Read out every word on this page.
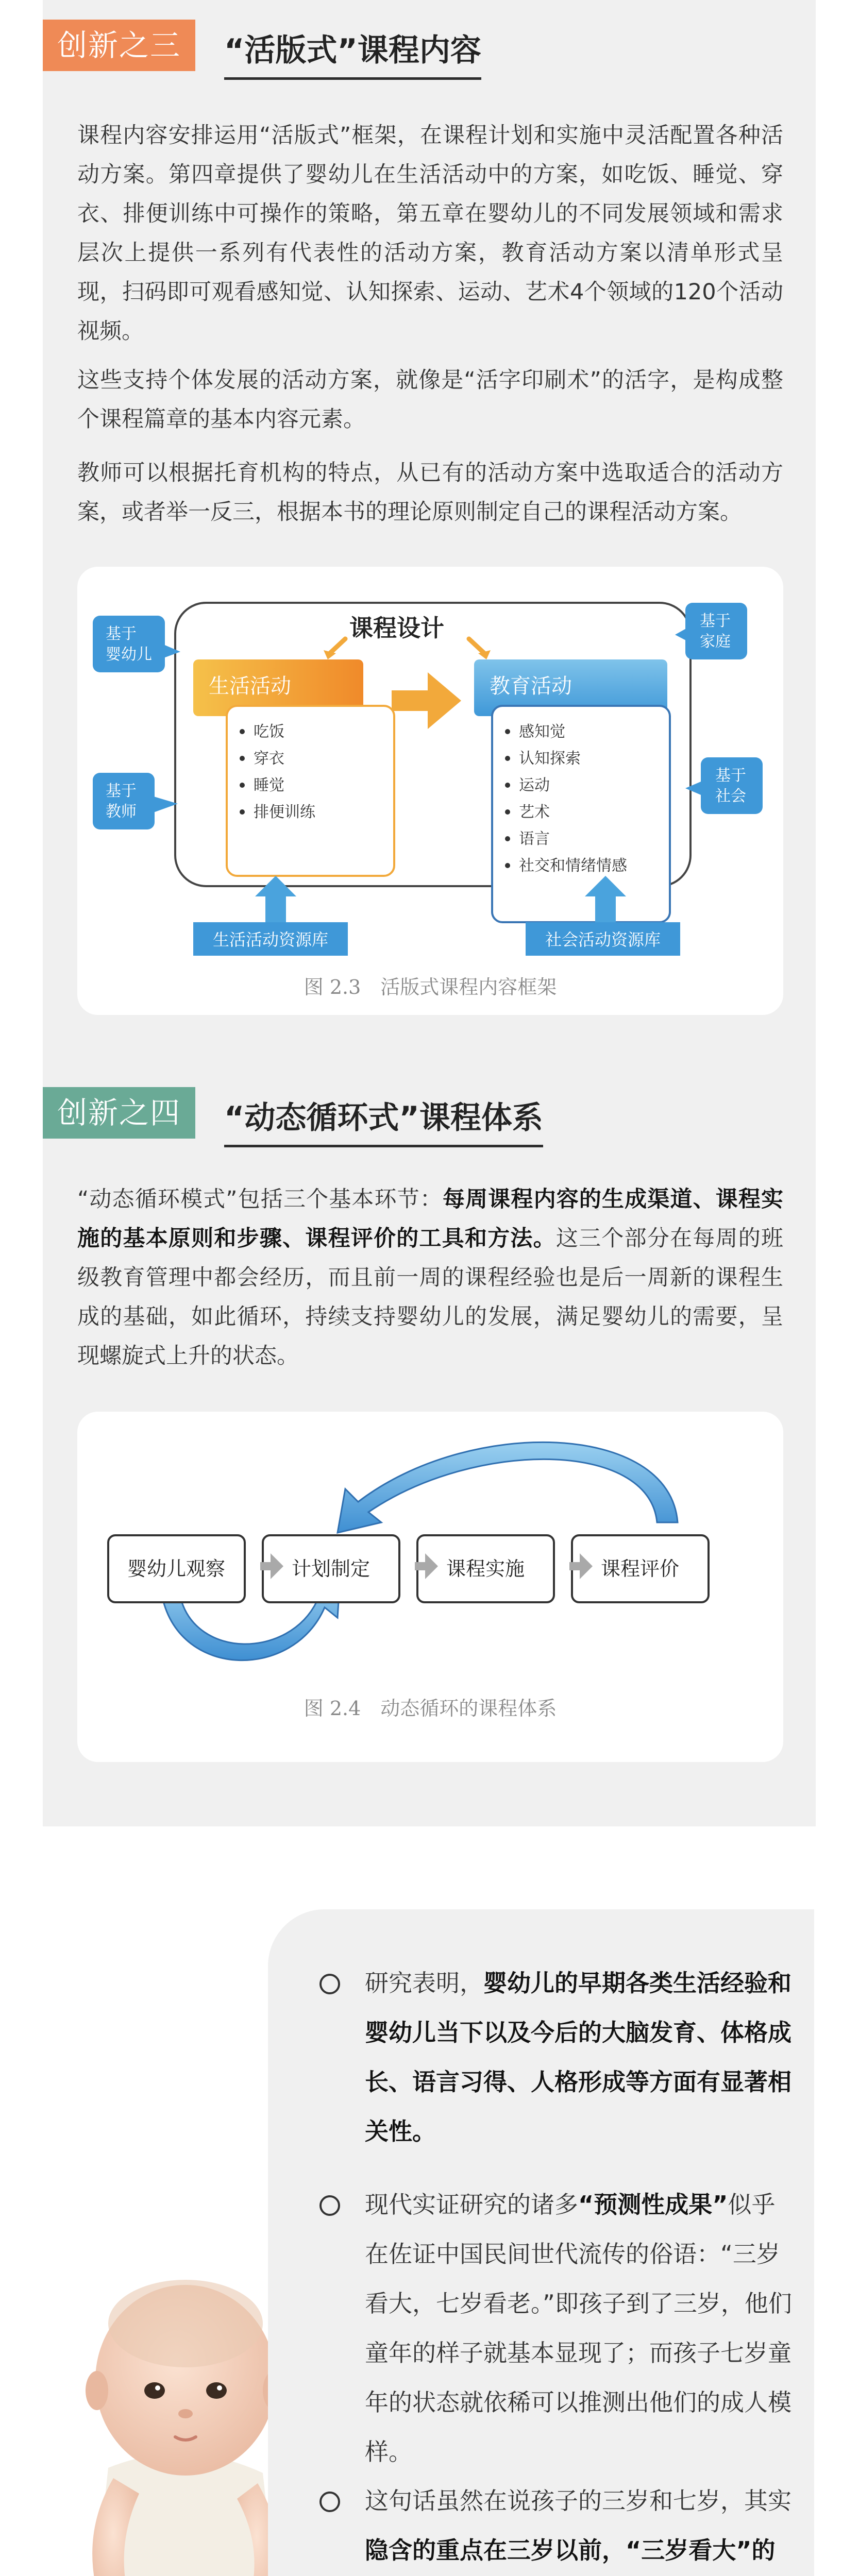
创新之三	“活版式”课程内容
课程内容安排运用“活版式”框架，在课程计划和实施中灵活配置各种活动方案。第四章提供了婴幼儿在生活活动中的方案，如吃饭、睡觉、穿衣、排便训练中可操作的策略，第五章在婴幼儿的不同发展领域和需求层次上提供一系列有代表性的活动方案，教育活动方案以清单形式呈现，扫码即可观看感知觉、认知探索、运动、艺术4个领域的120个活动视频。
这些支持个体发展的活动方案，就像是“活字印刷术”的活字，是构成整个课程篇章的基本内容元素。
教师可以根据托育机构的特点，从已有的活动方案中选取适合的活动方案，或者举一反三，根据本书的理论原则制定自己的课程活动方案。
课程设计
生活活动
吃饭
穿衣
睡觉
排便训练
教育活动
感知觉
认知探索
运动
艺术
语言
社交和情绪情感
基于
婴幼儿
基于
教师
基于
家庭
基于
社会
生活活动资源库	社会活动资源库
图 2.3　活版式课程内容框架
创新之四	“动态循环式”课程体系
“动态循环模式”包括三个基本环节：每周课程内容的生成渠道、课程实施的基本原则和步骤、课程评价的工具和方法。这三个部分在每周的班级教育管理中都会经历，而且前一周的课程经验也是后一周新的课程生成的基础，如此循环，持续支持婴幼儿的发展，满足婴幼儿的需要，呈现螺旋式上升的状态。
婴幼儿观察	计划制定	课程实施	课程评价
图 2.4　动态循环的课程体系
研究表明，婴幼儿的早期各类生活经验和婴幼儿当下以及今后的大脑发育、体格成长、语言习得、人格形成等方面有显著相关性。
现代实证研究的诸多“预测性成果”似乎在佐证中国民间世代流传的俗语：“三岁看大，七岁看老。”即孩子到了三岁，他们童年的样子就基本显现了；而孩子七岁童年的状态就依稀可以推测出他们的成人模样。
这句话虽然在说孩子的三岁和七岁，其实隐含的重点在三岁以前，“三岁看大”的
